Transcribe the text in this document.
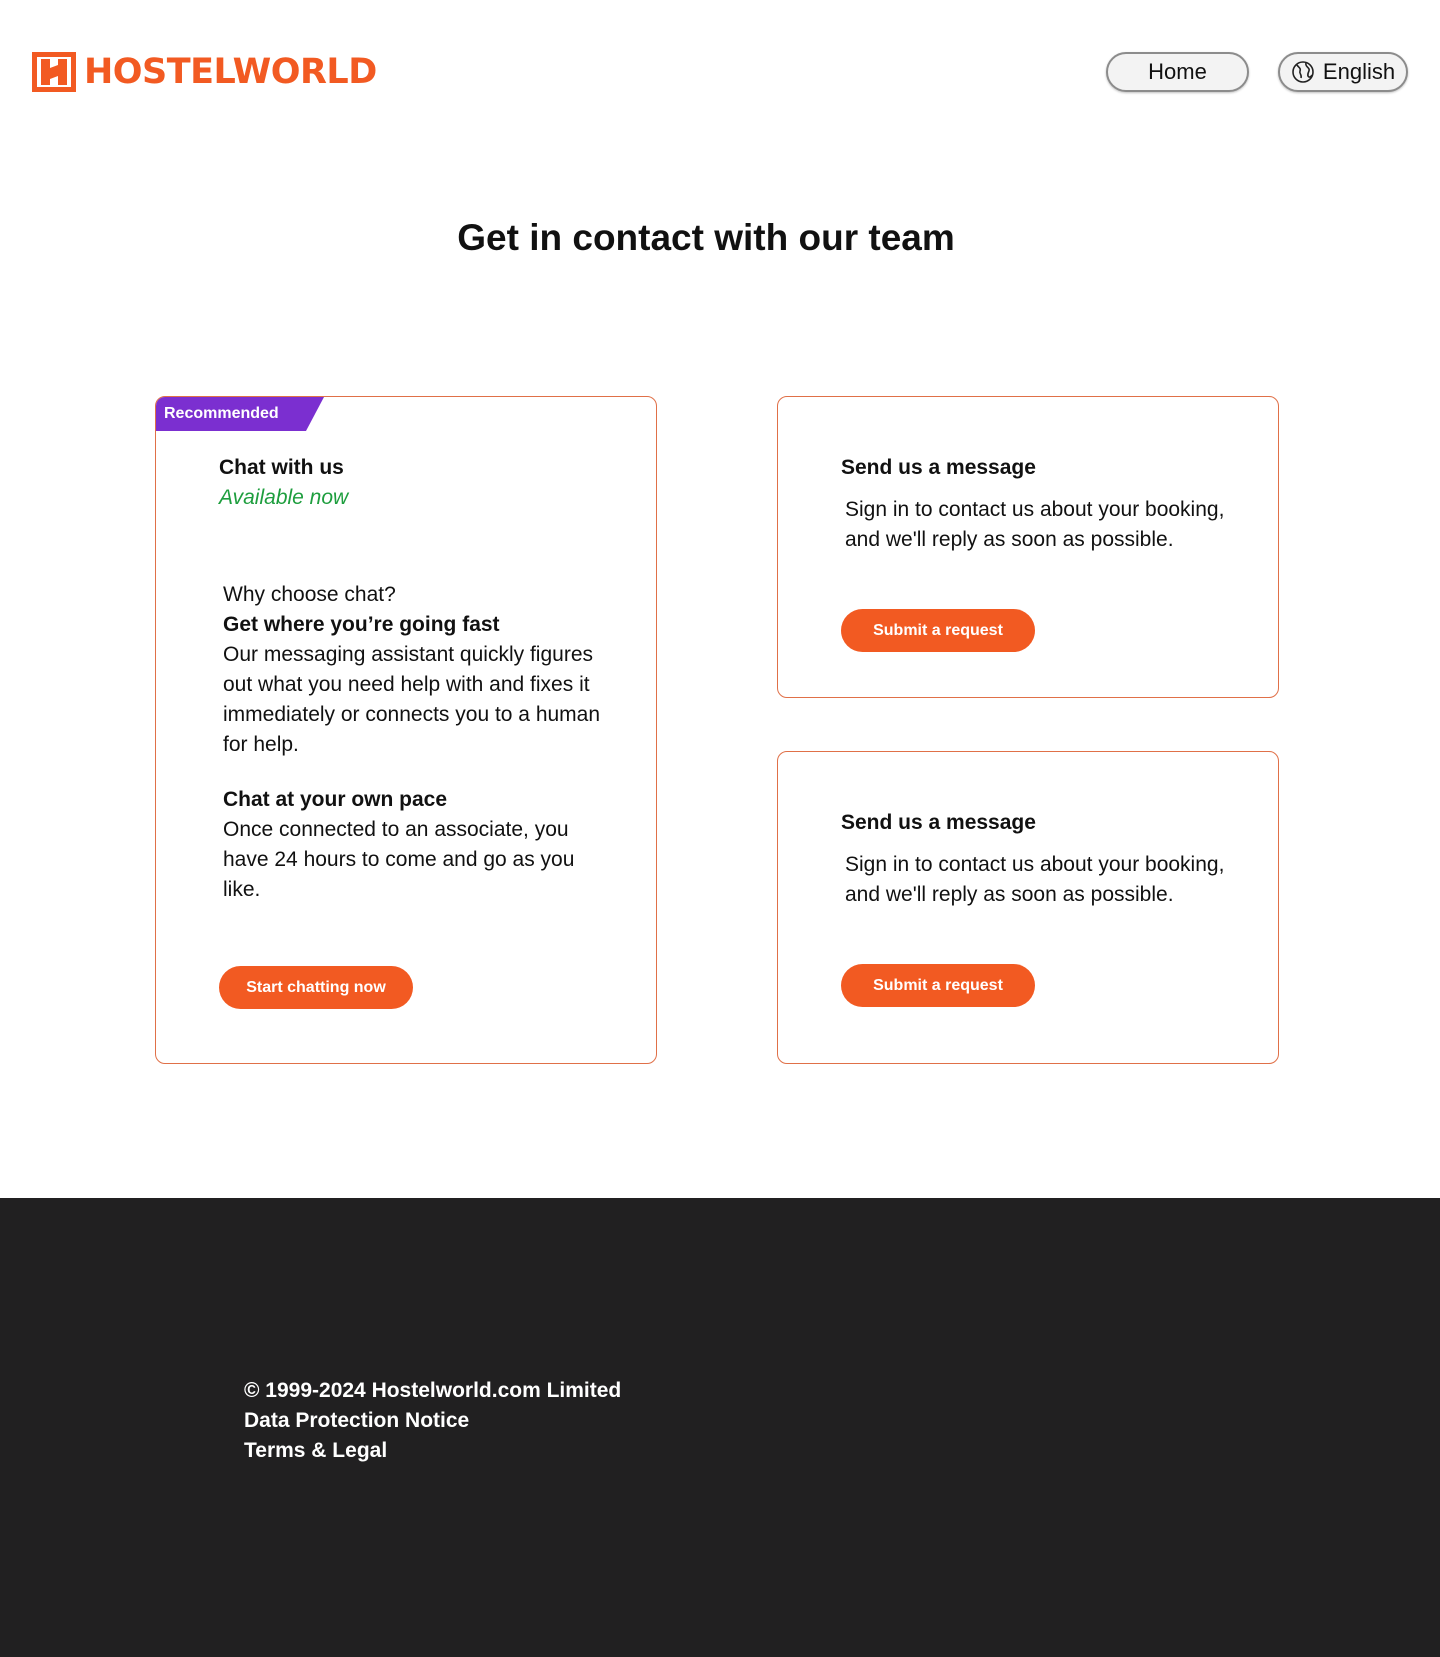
HOSTELWORLD	Home	English
Get in contact with our team
Recommended
Chat with us
Available now
Why choose chat?
Get where you’re going fast
Our messaging assistant quickly figures out what you need help with and fixes it immediately or connects you to a human for help.
Chat at your own pace
Once connected to an associate, you have 24 hours to come and go as you like.
Start chatting now
Send us a message
Sign in to contact us about your booking, and we'll reply as soon as possible.
Submit a request
Send us a message
Sign in to contact us about your booking, and we'll reply as soon as possible.
Submit a request
© 1999-2024 Hostelworld.com Limited
Data Protection Notice
Terms & Legal
